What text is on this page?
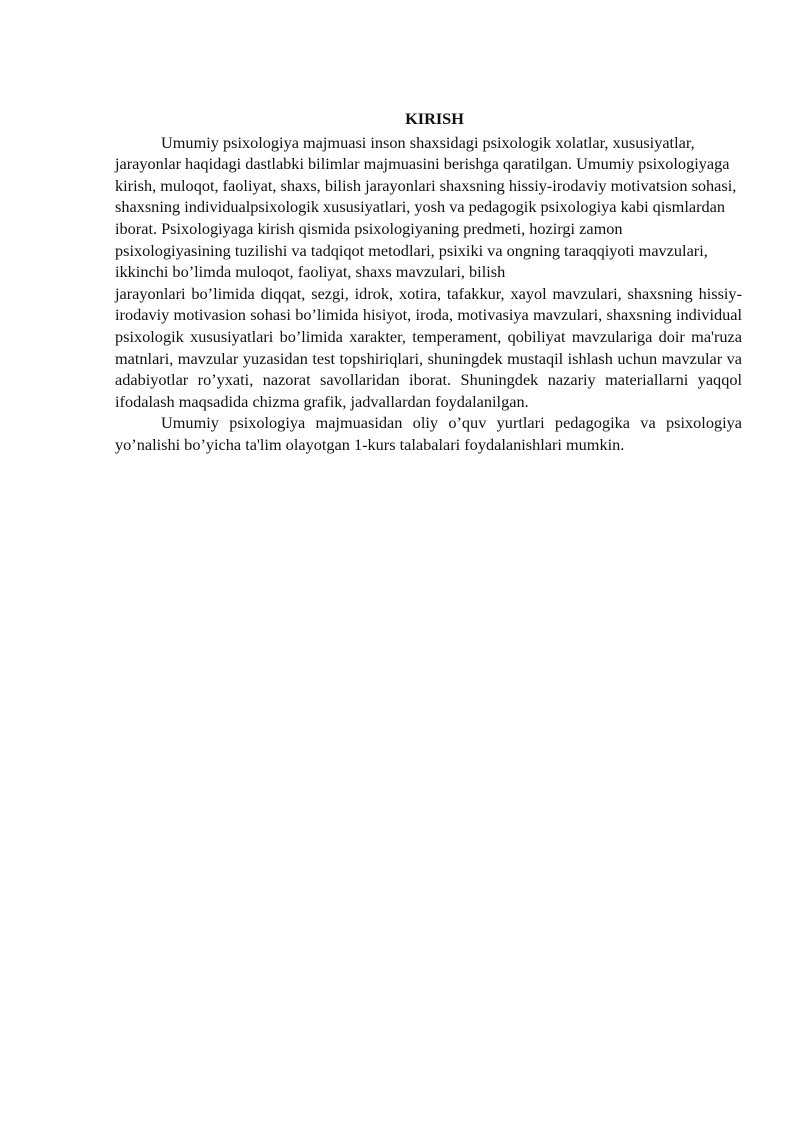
KIRISH

Umumiy psixologiya majmuasi inson shaxsidagi psixologik xolatlar, xususiyatlar, jarayonlar haqidagi dastlabki bilimlar majmuasini berishga qaratilgan. Umumiy psixologiyaga kirish, muloqot, faoliyat, shaxs, bilish jarayonlari shaxsning hissiy-irodaviy motivatsion sohasi, shaxsning individualpsixologik xususiyatlari, yosh va pedagogik psixologiya kabi qismlardan iborat. Psixologiyaga kirish qismida psixologiyaning predmeti, hozirgi zamon psixologiyasining tuzilishi va tadqiqot metodlari, psixiki va ongning taraqqiyoti mavzulari, ikkinchi bo’limda muloqot, faoliyat, shaxs mavzulari, bilish

jarayonlari bo’limida diqqat, sezgi, idrok, xotira, tafakkur, xayol mavzulari, shaxsning hissiy-irodaviy motivasion sohasi bo’limida hisiyot, iroda, motivasiya mavzulari, shaxsning individual psixologik xususiyatlari bo’limida xarakter, temperament, qobiliyat mavzulariga doir ma'ruza matnlari, mavzular yuzasidan test topshiriqlari, shuningdek mustaqil ishlash uchun mavzular va adabiyotlar ro’yxati, nazorat savollaridan iborat. Shuningdek nazariy materiallarni yaqqol ifodalash maqsadida chizma grafik, jadvallardan foydalanilgan.

Umumiy psixologiya majmuasidan oliy o’quv yurtlari pedagogika va psixologiya yo’nalishi bo’yicha ta'lim olayotgan 1-kurs talabalari foydalanishlari mumkin.
